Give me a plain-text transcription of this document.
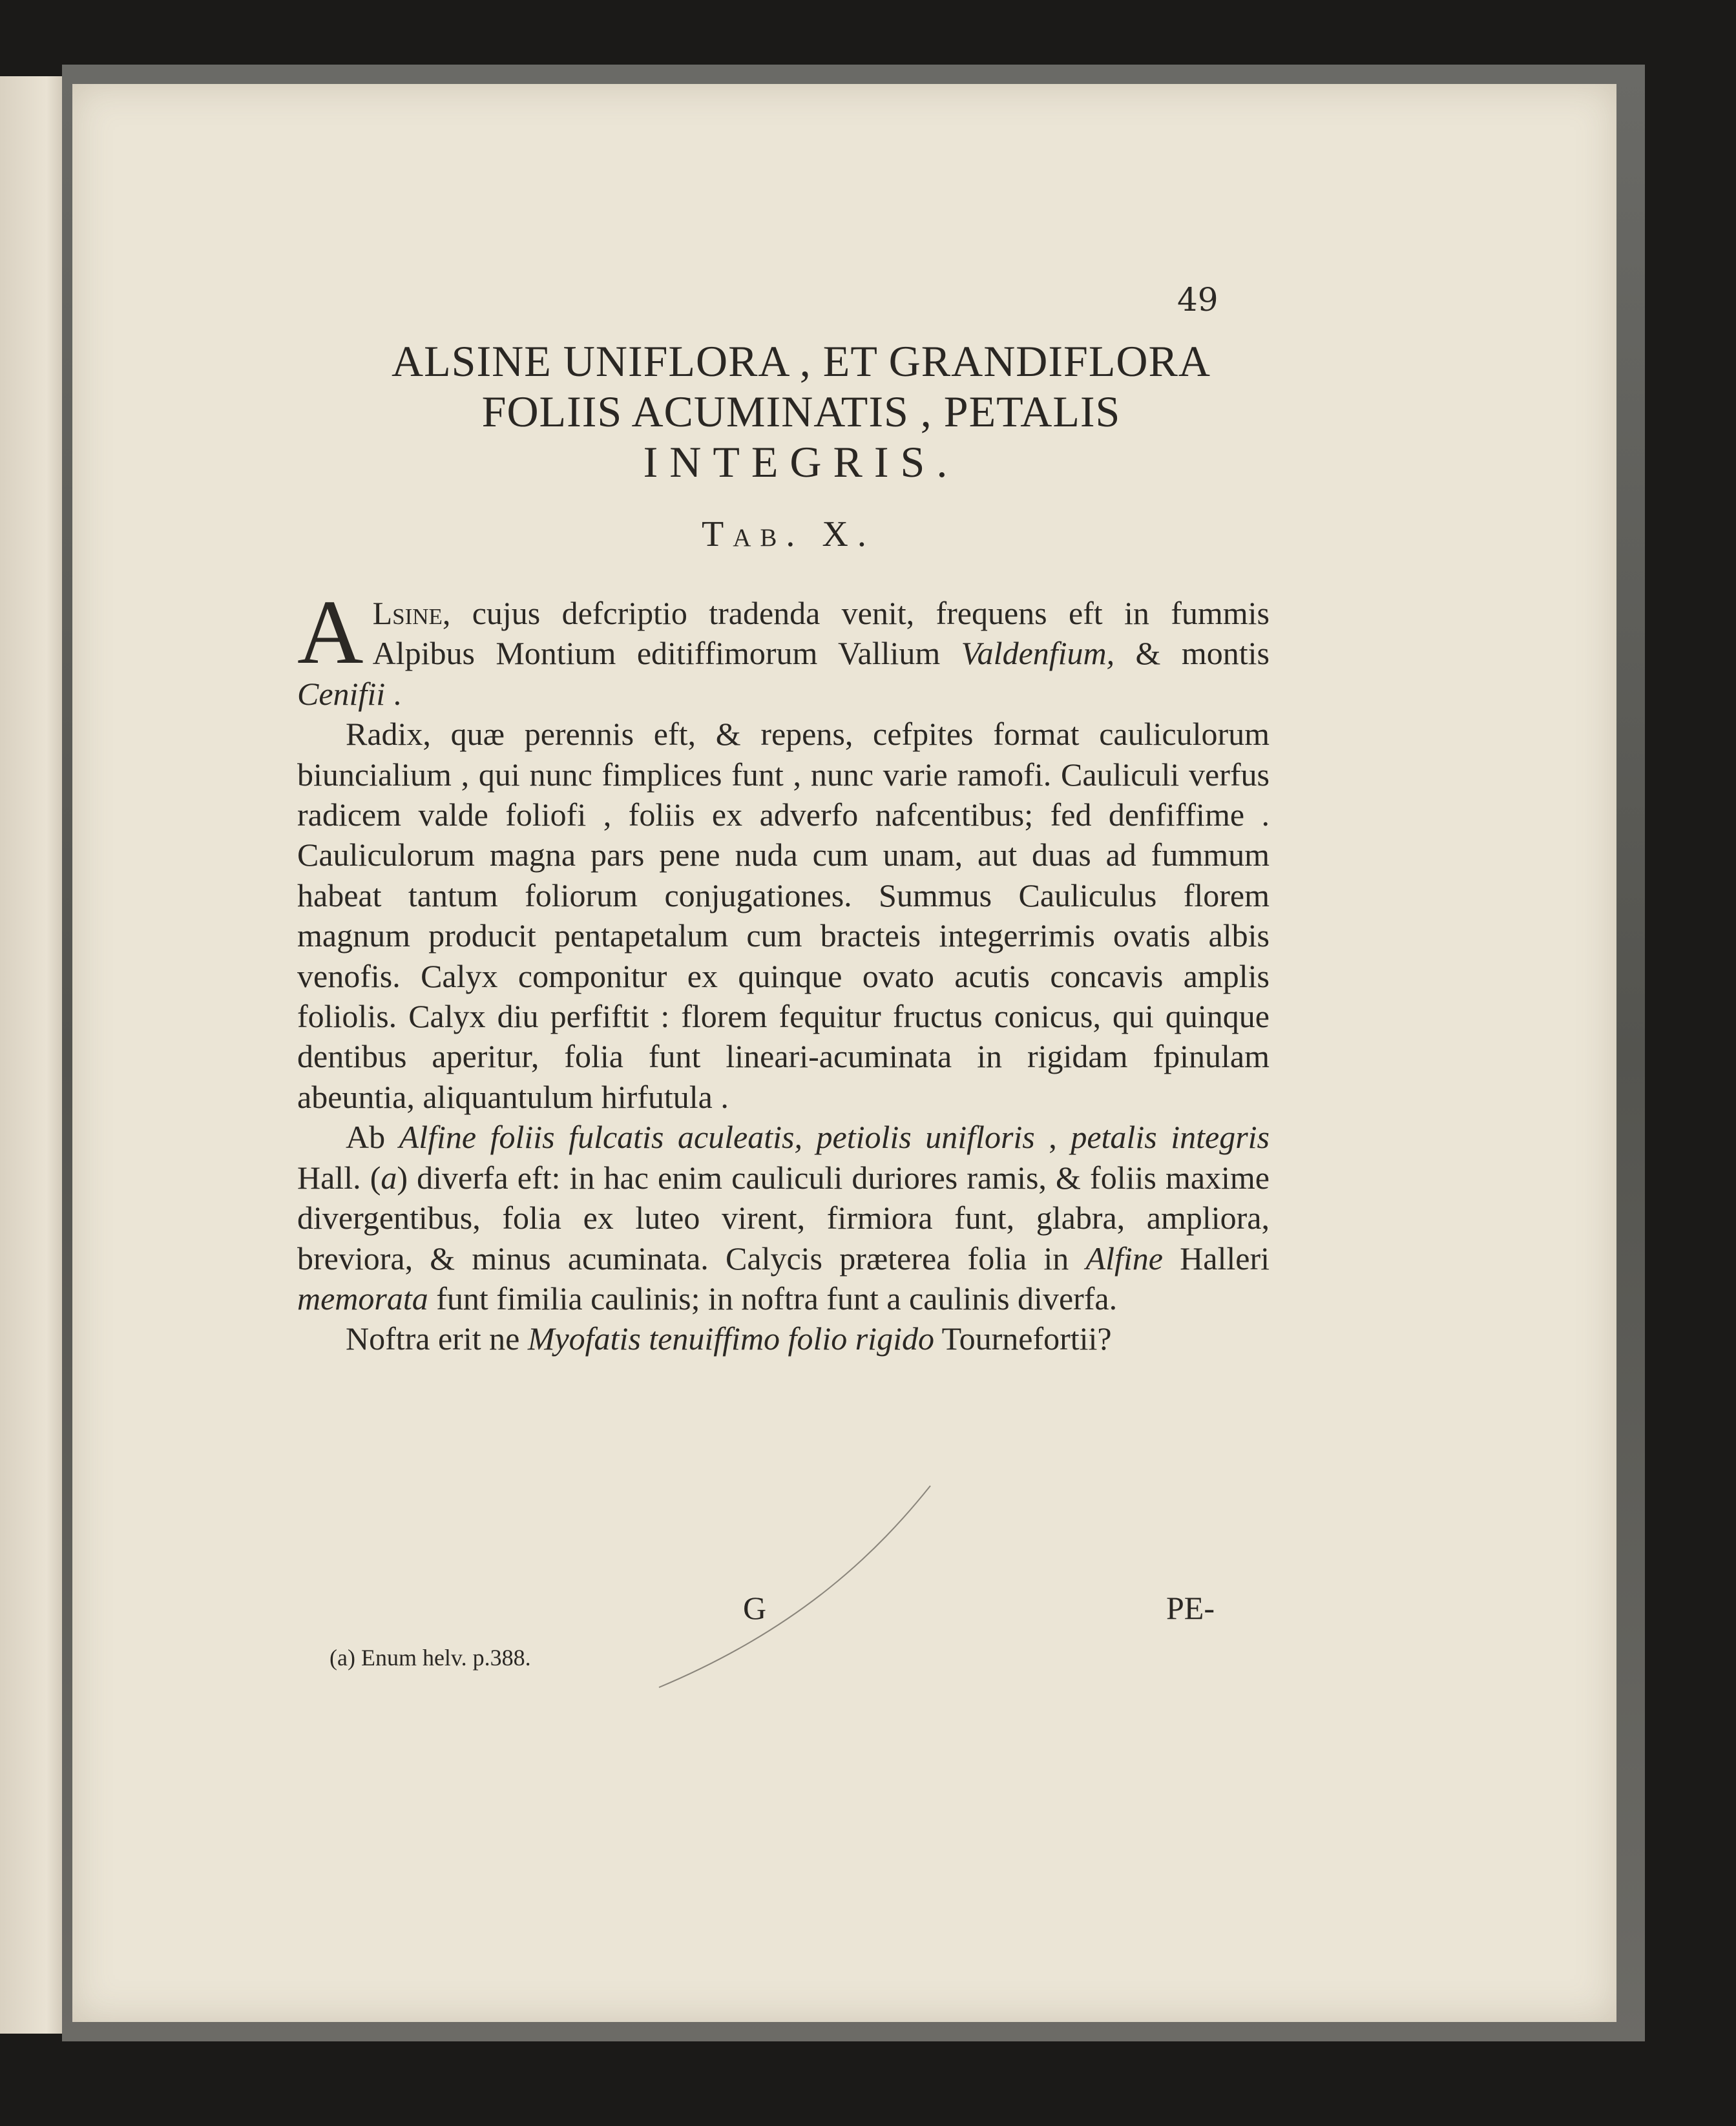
49
ALSINE UNIFLORA , ET GRANDIFLORA
FOLIIS ACUMINATIS , PETALIS
INTEGRIS.
Tab. X.

A Lsine, cujus defcriptio tradenda venit, frequens eft in fummis Alpibus Montium editiffimorum Vallium Valdenfium, & montis Cenifii .

Radix, quæ perennis eft, & repens, cefpites format cauliculorum biuncialium , qui nunc fimplices funt , nunc varie ramofi. Cauliculi verfus radicem valde foliofi , foliis ex adverfo nafcentibus; fed denfiffime . Cauliculorum magna pars pene nuda cum unam, aut duas ad fummum habeat tantum foliorum conjugationes. Summus Cauliculus florem magnum producit pentapetalum cum bracteis integerrimis ovatis albis venofis. Calyx componitur ex quinque ovato acutis concavis amplis foliolis. Calyx diu perfiftit : florem fequitur fructus conicus, qui quinque dentibus aperitur, folia funt lineari-acuminata in rigidam fpinulam abeuntia, aliquantulum hirfutula .

Ab Alfine foliis fulcatis aculeatis, petiolis unifloris , petalis integris Hall. (a) diverfa eft: in hac enim cauliculi duriores ramis, & foliis maxime divergentibus, folia ex luteo virent, firmiora funt, glabra, ampliora, breviora, & minus acuminata. Calycis præterea folia in Alfine Halleri memorata funt fimilia caulinis; in noftra funt a caulinis diverfa.

Noftra erit ne Myofatis tenuiffimo folio rigido Tournefortii?

G	PE-
(a) Enum helv. p.388.
